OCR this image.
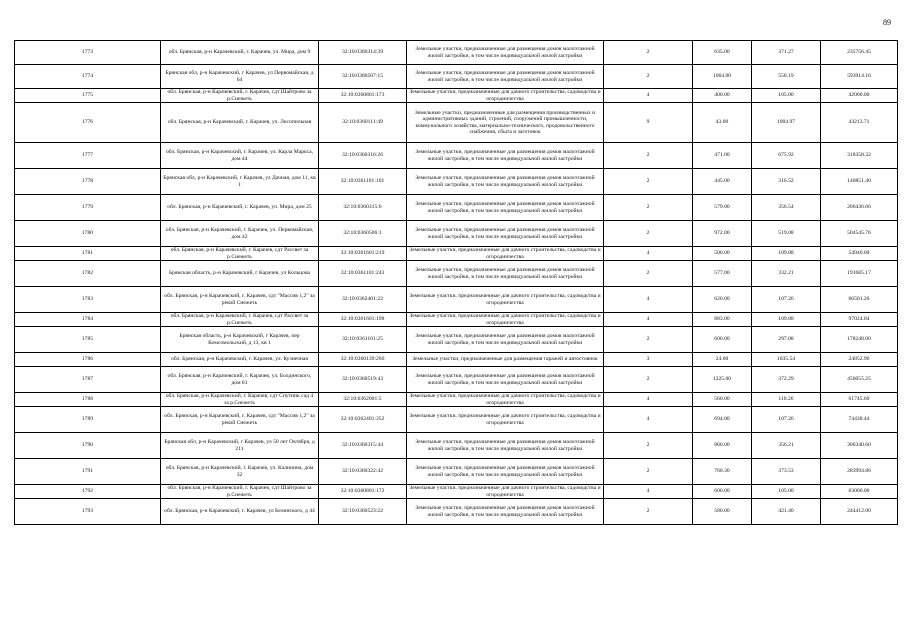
89
1773	обл. Брянская, р-н Карачевский, г. Карачев, ул. Мира, дом 9	32:10:0360314:39	Земельные участки, предназначенные для размещения домов малоэтажной жилой застройки, в том числе индивидуальной жилой застройки	2	635.00	371.27	235756.45
1774	Брянская обл, р-н Карачевский, г Карачев, ул Первомайская, д 64	32:10:0360507:15	Земельные участки, предназначенные для размещения домов малоэтажной жилой застройки, в том числе индивидуальной жилой застройки	2	1064.00	558.19	593914.16
1775	обл. Брянская, р-н Карачевский, г. Карачев, сдт Шайтрово за р.Снежеть	32:10:0360801:173	Земельные участки, предназначенные для дачного строительства, садоводства и огородничества	4	400.00	105.00	42000.00
1776	обл. Брянская, р-н Карачевский, г. Карачев, ул. Лесопильная	32:10:0360111:49	Земельные участки, предназначенные для размещения производственных и административных зданий, строений, сооружений промышленности, коммунального хозяйства, материально-технического, продовольственного снабжения, сбыта и заготовок	9	43.00	1004.97	43213.71
1777	обл. Брянская, р-н Карачевский, г. Карачев, ул. Карла Маркса, дом 44	32:10:0360316:26	Земельные участки, предназначенные для размещения домов малоэтажной жилой застройки, в том числе индивидуальной жилой застройки	2	471.00	675.92	318358.32
1778	Брянская обл, р-н Карачевский, г Карачев, ул Дачная, дом 11, кв 1	32:10:0361101:101	Земельные участки, предназначенные для размещения домов малоэтажной жилой застройки, в том числе индивидуальной жилой застройки	2	445.00	316.52	140851.40
1779	обл. Брянская, р-н Карачевский, г. Карачев, ул. Мира, дом 25	32:10:0360315:6	Земельные участки, предназначенные для размещения домов малоэтажной жилой застройки, в том числе индивидуальной жилой застройки	2	579.00	356.54	206436.66
1780	обл. Брянская, р-н Карачевский, г. Карачев, ул. Первомайская, дом 42	32:10:0360506:1	Земельные участки, предназначенные для размещения домов малоэтажной жилой застройки, в том числе индивидуальной жилой застройки	2	972.00	519.08	504545.76
1781	обл. Брянская, р-н Карачевский, г. Карачев, сдт Рассвет за р.Снежеть	32:10:0361601:219	Земельные участки, предназначенные для дачного строительства, садоводства и огородничества	4	500.00	109.88	54940.00
1782	Брянская область, р-н Карачевский, г Карачев, ул Кольцова	32:10:0361101:243	Земельные участки, предназначенные для размещения домов малоэтажной жилой застройки, в том числе индивидуальной жилой застройки	2	577.00	332.21	191685.17
1783	обл. Брянская, р-н Карачевский, г. Карачев, сдт "Массив 1,2" за рекой Снежеть	32:10:0362401:22	Земельные участки, предназначенные для дачного строительства, садоводства и огородничества	4	620.00	107.26	66501.20
1784	обл. Брянская, р-н Карачевский, г. Карачев, сдт Рассвет за р.Снежеть	32:10:0361601:198	Земельные участки, предназначенные для дачного строительства, садоводства и огородничества	4	883.00	109.88	97024.04
1785	Брянская область, р-н Карачевский, г Карачев, пер Комсомольский, д 13, кв 1	32:10:0361101:25	Земельные участки, предназначенные для размещения домов малоэтажной жилой застройки, в том числе индивидуальной жилой застройки	2	600.00	297.08	178248.00
1786	обл. Брянская, р-н Карачевский, г. Карачев, ул. Кузнечная	32:10:0360139:266	Земельные участки, предназначенные для размещения гаражей и автостоянок	3	24.00	1035.54	24852.96
1787	обл. Брянская, р-н Карачевский, г. Карачев, ул. Болдинского, дом 81	32:10:0360519:43	Земельные участки, предназначенные для размещения домов малоэтажной жилой застройки, в том числе индивидуальной жилой застройки	2	1225.00	372.29	456055.25
1788	обл. Брянская, р-н Карачевский, г. Карачев, сдт Спутник сад 4 за р.Снежеть	32:10:0362001:5	Земельные участки, предназначенные для дачного строительства, садоводства и огородничества	4	560.00	110.26	61745.60
1789	обл. Брянская, р-н Карачевский, г. Карачев, сдт "Массив 1,2" за рекой Снежеть	32:10:0362401:352	Земельные участки, предназначенные для дачного строительства, садоводства и огородничества	4	694.00	107.26	74438.44
1790	Брянская обл, р-н Карачевский, г Карачев, ул 50 лет Октября, д 211	32:10:0360315:44	Земельные участки, предназначенные для размещения домов малоэтажной жилой застройки, в том числе индивидуальной жилой застройки	2	860.00	356.21	306340.60
1791	обл. Брянская, р-н Карачевский, г. Карачев, ул. Калинина, дом 32	32:10:0360322:42	Земельные участки, предназначенные для размещения домов малоэтажной жилой застройки, в том числе индивидуальной жилой застройки	2	760.30	373.53	283994.86
1792	обл. Брянская, р-н Карачевский, г. Карачев, сдт Шайтрово за р.Снежеть	32:10:0360801:172	Земельные участки, предназначенные для дачного строительства, садоводства и огородничества	4	600.00	105.00	63000.00
1793	обл. Брянская, р-н Карачевский, г. Карачев, ул Белинского, д 44	32:10:0360523:22	Земельные участки, предназначенные для размещения домов малоэтажной жилой застройки, в том числе индивидуальной жилой застройки	2	580.00	421.40	244412.00
